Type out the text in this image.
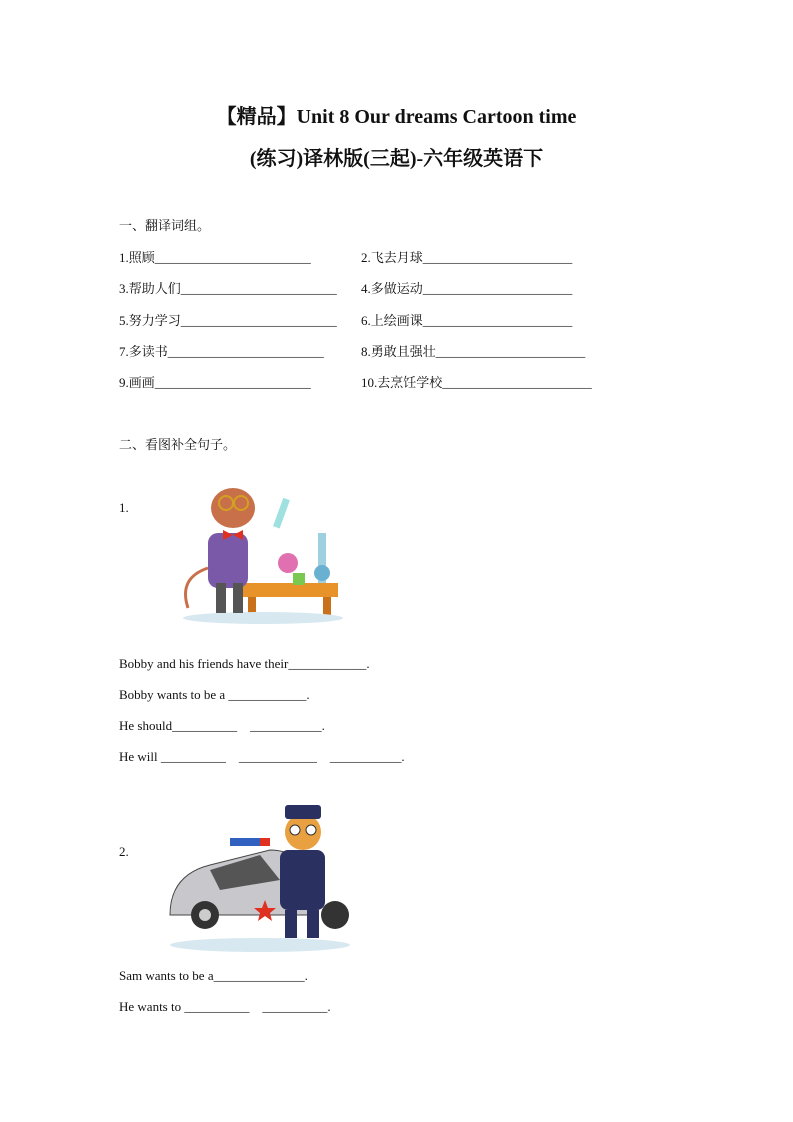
【精品】Unit 8 Our dreams Cartoon time
(练习)译林版(三起)-六年级英语下
一、翻译词组。
1.照顾________________________	2.飞去月球_______________________
3.帮助人们________________________ 4.多做运动_______________________
5.努力学习________________________ 6.上绘画课_______________________
7.多读书________________________	8.勇敢且强壮_______________________
9.画画________________________	10.去烹饪学校_______________________
二、看图补全句子。
1.
Bobby and his friends have their____________.
Bobby wants to be a ____________.
He should__________    ___________.
He will __________    ____________    ___________.
2.
Sam wants to be a______________.
He wants to __________    __________.
